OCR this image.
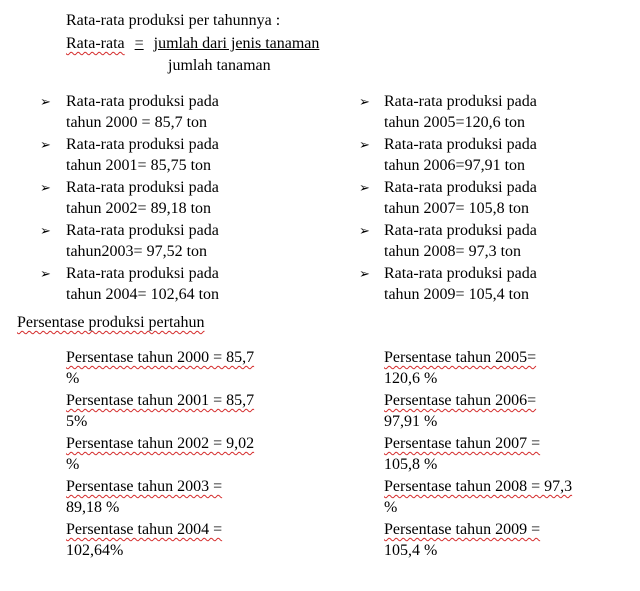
Rata-rata produksi per tahunnya :
Rata-rata = jumlah dari jenis tanaman
jumlah tanaman
➢ Rata-rata produksi pada
tahun 2000 = 85,7 ton
➢ Rata-rata produksi pada
tahun 2001= 85,75 ton
➢ Rata-rata produksi pada
tahun 2002= 89,18 ton
➢ Rata-rata produksi pada
tahun2003= 97,52 ton
➢ Rata-rata produksi pada
tahun 2004= 102,64 ton
➢ Rata-rata produksi pada
tahun 2005=120,6 ton
➢ Rata-rata produksi pada
tahun 2006=97,91 ton
➢ Rata-rata produksi pada
tahun 2007= 105,8 ton
➢ Rata-rata produksi pada
tahun 2008= 97,3 ton
➢ Rata-rata produksi pada
tahun 2009= 105,4 ton
Persentase produksi pertahun
Persentase tahun 2000 = 85,7
%
Persentase tahun 2001 = 85,7
5%
Persentase tahun 2002 = 9,02
%
Persentase tahun 2003 =
89,18 %
Persentase tahun 2004 =
102,64%
Persentase tahun 2005=
120,6 %
Persentase tahun 2006=
97,91 %
Persentase tahun 2007 =
105,8 %
Persentase tahun 2008 = 97,3
%
Persentase tahun 2009 =
105,4 %
